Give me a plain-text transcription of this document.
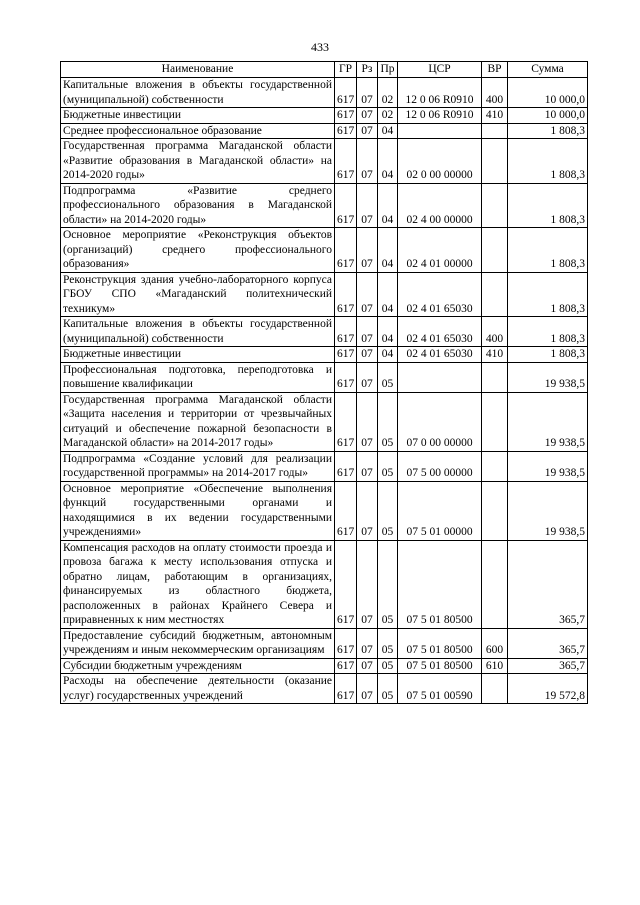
433
Наименование	ГР	Рз	Пр	ЦСР	ВР	Сумма
Капитальные вложения в объекты государственной (муниципальной) собственности	617	07	02	12 0 06 R0910	400	10 000,0
Бюджетные инвестиции	617	07	02	12 0 06 R0910	410	10 000,0
Среднее профессиональное образование	617	07	04			1 808,3
Государственная программа Магаданской области «Развитие образования в Магаданской области» на 2014-2020 годы»	617	07	04	02 0 00 00000		1 808,3
Подпрограмма «Развитие среднего профессионального образования в Магаданской области» на 2014-2020 годы»	617	07	04	02 4 00 00000		1 808,3
Основное мероприятие «Реконструкция объектов (организаций) среднего профессионального образования»	617	07	04	02 4 01 00000		1 808,3
Реконструкция здания учебно-лабораторного корпуса ГБОУ СПО «Магаданский политехнический техникум»	617	07	04	02 4 01 65030		1 808,3
Капитальные вложения в объекты государственной (муниципальной) собственности	617	07	04	02 4 01 65030	400	1 808,3
Бюджетные инвестиции	617	07	04	02 4 01 65030	410	1 808,3
Профессиональная подготовка, переподготовка и повышение квалификации	617	07	05			19 938,5
Государственная программа Магаданской области «Защита населения и территории от чрезвычайных ситуаций и обеспечение пожарной безопасности в Магаданской области» на 2014-2017 годы»	617	07	05	07 0 00 00000		19 938,5
Подпрограмма «Создание условий для реализации государственной программы» на 2014-2017 годы»	617	07	05	07 5 00 00000		19 938,5
Основное мероприятие «Обеспечение выполнения функций государственными органами и находящимися в их ведении государственными учреждениями»	617	07	05	07 5 01 00000		19 938,5
Компенсация расходов на оплату стоимости проезда и провоза багажа к месту использования отпуска и обратно лицам, работающим в организациях, финансируемых из областного бюджета, расположенных в районах Крайнего Севера и приравненных к ним местностях	617	07	05	07 5 01 80500		365,7
Предоставление субсидий бюджетным, автономным учреждениям и иным некоммерческим организациям	617	07	05	07 5 01 80500	600	365,7
Субсидии бюджетным учреждениям	617	07	05	07 5 01 80500	610	365,7
Расходы на обеспечение деятельности (оказание услуг) государственных учреждений	617	07	05	07 5 01 00590		19 572,8
